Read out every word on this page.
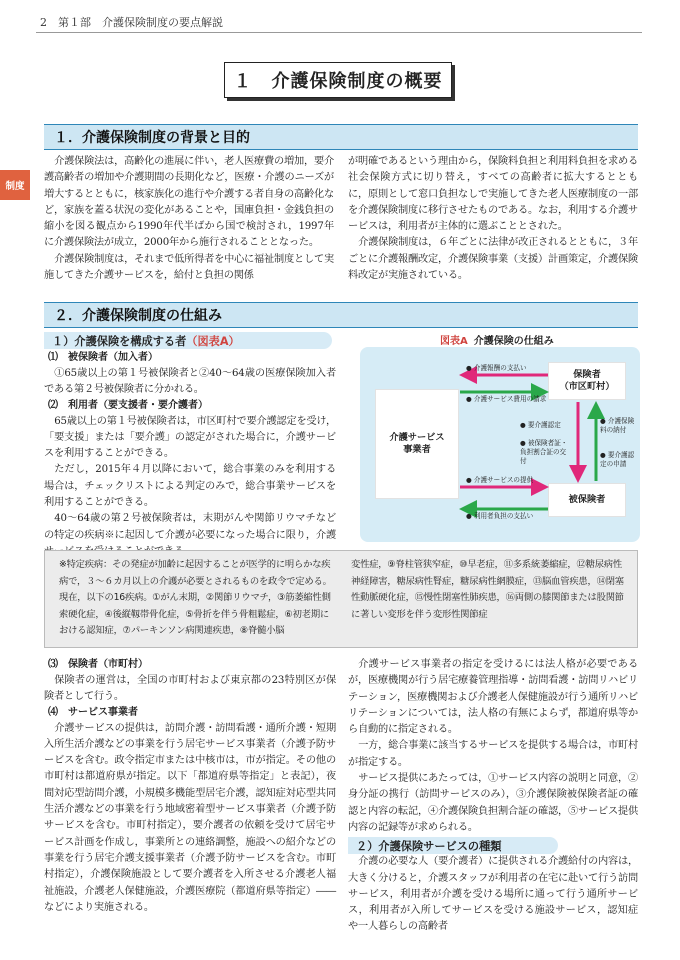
2　第１部　介護保険制度の要点解説
制度
１　介護保険制度の概要
１．介護保険制度の背景と目的

介護保険法は，高齢化の進展に伴い，老人医療費の増加，要介護高齢者の増加や介護期間の長期化など，医療・介護のニーズが増大するとともに，核家族化の進行や介護する者自身の高齢化など，家族を蓋る状況の変化があることや，国庫負担・金銭負担の縮小を図る観点から1990年代半ばから国で検討され，1997年に介護保険法が成立，2000年から施行されることとなった。

介護保険制度は，それまで低所得者を中心に福祉制度として実施してきた介護サービスを，給付と負担の関係

が明確であるという理由から，保険料負担と利用料負担を求める社会保険方式に切り替え，すべての高齢者に拡大するとともに，原則として窓口負担なしで実施してきた老人医療制度の一部を介護保険制度に移行させたものである。なお，利用する介護サービスは，利用者が主体的に選ぶこととされた。

介護保険制度は，６年ごとに法律が改正されるとともに，３年ごとに介護報酬改定，介護保険事業（支援）計画策定，介護保険料改定が実施されている。

２．介護保険制度の仕組み
１）介護保険を構成する者 （図表A）
⑴　被保険者（加入者）

①65歳以上の第１号被保険者と②40～64歳の医療保険加入者である第２号被保険者に分かれる。

⑵　利用者（要支援者・要介護者）

65歳以上の第１号被保険者は，市区町村で要介護認定を受け，「要支援」または「要介護」の認定がされた場合に，介護サービスを利用することができる。

ただし，2015年４月以降において，総合事業のみを利用する場合は，チェックリストによる判定のみで，総合事業サービスを利用することができる。

40～64歳の第２号被保険者は，末期がんや関節リウマチなどの特定の疾病※に起因して介護が必要になった場合に限り，介護

図表A 介護保険の仕組み
介護サービス
事業者
保険者
（市区町村）
被保険者
● 介護報酬の支払い
● 介護サービス費用の請求
● 要介護認定
● 被保険者証・負担割合証の交付
● 介護保険料の納付
● 要介護認定の申請
● 介護サービスの提供
● 利用者負担の支払い
※特定疾病：その発症が加齢に起因することが医学的に明らかな疾病で，３～６カ月以上の介護が必要とされるものを政令で定める。現在，以下の16疾病。①がん末期，②関節リウマチ，③筋萎縮性側索硬化症，④後縦靱帯骨化症，⑤骨折を伴う骨粗鬆症，⑥初老期における認知症，⑦パーキンソン病関連疾患，⑧脊髄小脳
変性症，⑨脊柱管狭窄症，⑩早老症，⑪多系統萎縮症，⑫糖尿病性神経障害，糖尿病性腎症，糖尿病性網膜症，⑬脳血管疾患，⑭閉塞性動脈硬化症，⑮慢性閉塞性肺疾患，⑯両側の膝関節または股関節に著しい変形を伴う変形性関節症
⑶　保険者（市町村）

保険者の運営は，全国の市町村および東京都の23特別区が保険者として行う。

⑷　サービス事業者

介護サービスの提供は，訪問介護・訪問看護・通所介護・短期入所生活介護などの事業を行う居宅サービス事業者（介護予防サービスを含む。政令指定市または中核市は，市が指定。その他の市町村は都道府県が指定。以下「都道府県等指定」と表記），夜間対応型訪問介護，小規模多機能型居宅介護，認知症対応型共同生活介護などの事業を行う地域密着型サービス事業者（介護予防サービスを含む。市町村指定），要介護者の依頼を受けて居宅サービス計画を作成し，事業所との連絡調整，施設への紹介などの事業を行う居宅介護支援事業者（介護予防サービスを含む。市町村指定），介護保険施設として要介護者を入所させる介護老人福祉施設，介護老人保健施設，介護医療院（都道府県等指定）――などにより実施される。

介護サービス事業者の指定を受けるには法人格が必要であるが，医療機関が行う居宅療養管理指導・訪問看護・訪問リハビリテーション，医療機関および介護老人保健施設が行う通所リハビリテーションについては，法人格の有無によらず，都道府県等から自動的に指定される。

一方，総合事業に該当するサービスを提供する場合は，市町村が指定する。

サービス提供にあたっては，①サービス内容の説明と同意，②身分証の携行（訪問サービスのみ），③介護保険被保険者証の確認と内容の転記，④介護保険負担割合証の確認，⑤サービス提供内容の記録等が求められる。

２）介護保険サービスの種類

介護の必要な人（要介護者）に提供される介護給付の内容は，大きく分けると，介護スタッフが利用者の在宅に赴いて行う訪問サービス，利用者が介護を受ける場所に通って行う通所サービス，利用者が入所してサービスを受ける施設サービス，認知症や一人暮らしの高齢者
